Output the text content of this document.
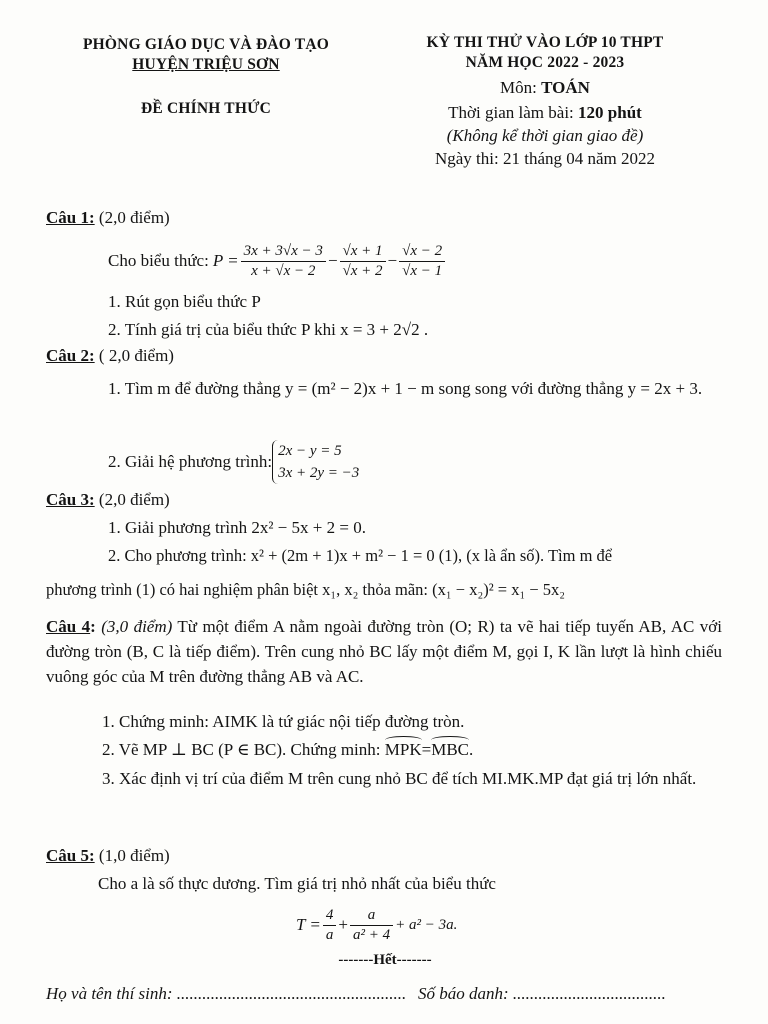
PHÒNG GIÁO DỤC VÀ ĐÀO TẠO
HUYỆN TRIỆU SƠN
ĐỀ CHÍNH THỨC
KỲ THI THỬ VÀO LỚP 10 THPT
NĂM HỌC 2022 - 2023
Môn: TOÁN
Thời gian làm bài: 120 phút
(Không kể thời gian giao đề)
Ngày thi: 21 tháng 04 năm 2022
Câu 1: (2,0 điểm)
Cho biểu thức: $P = \frac{3x + 3√x - 3}{x + √x - 2} - \frac{√x + 1}{√x + 2} - \frac{√x - 2}{√x - 1}$
1. Rút gọn biểu thức P
2. Tính giá trị của biểu thức P khi x = 3 + 2√2 .
Câu 2: ( 2,0 điểm)
1. Tìm m để đường thẳng y = (m² − 2)x + 1 − m song song với đường thẳng y = 2x + 3.
2. Giải hệ phương trình:
2x − y = 5
3x + 2y = −3
Câu 3: (2,0 điểm)
1. Giải phương trình 2x² − 5x + 2 = 0.
2. Cho phương trình: x² + (2m + 1)x + m² − 1 = 0 (1), (x là ẩn số). Tìm m để
phương trình (1) có hai nghiệm phân biệt x₁, x₂ thỏa mãn: (x₁ − x₂)² = x₁ − 5x₂
Câu 4: (3,0 điểm) Từ một điểm A nằm ngoài đường tròn (O; R) ta vẽ hai tiếp tuyến AB, AC với đường tròn (B, C là tiếp điểm). Trên cung nhỏ BC lấy một điểm M, gọi I, K lần lượt là hình chiếu vuông góc của M trên đường thẳng AB và AC.
1. Chứng minh: AIMK là tứ giác nội tiếp đường tròn.
2. Vẽ MP ⊥ BC (P ∈ BC). Chứng minh: MPK=MBC.
3. Xác định vị trí của điểm M trên cung nhỏ BC để tích MI.MK.MP đạt giá trị lớn nhất.
Câu 5: (1,0 điểm)
Cho a là số thực dương. Tìm giá trị nhỏ nhất của biểu thức
$T = \frac{4}{a} + \frac{a}{\text{a² + 4}} + a^2 - 3a$.
-------Hết-------
Họ và tên thí sinh: ...................................................... Số báo danh: ....................................
